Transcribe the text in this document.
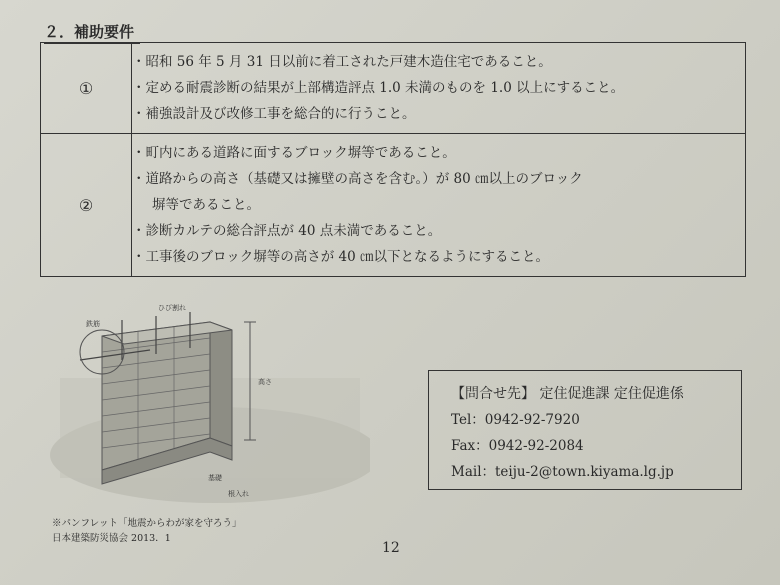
２．補助要件
①	・昭和 56 年 5 月 31 日以前に着工された戸建木造住宅であること。
・定める耐震診断の結果が上部構造評点 1.0 未満のものを 1.0 以上にすること。
・補強設計及び改修工事を総合的に行うこと。

②	・町内にある道路に面するブロック塀等であること。
・道路からの高さ（基礎又は擁壁の高さを含む。）が 80 ㎝以上のブロック
塀等であること。
・診断カルテの総合評点が 40 点未満であること。
・工事後のブロック塀等の高さが 40 ㎝以下となるようにすること。
ひび割れ
鉄筋
高さ
基礎
根入れ
【問合せ先】 定住促進課 定住促進係
Tel：0942-92-7920
Fax：0942-92-2084
Mail：teiju-2@town.kiyama.lg.jp
※パンフレット「地震からわが家を守ろう」
日本建築防災協会 2013．1
12
